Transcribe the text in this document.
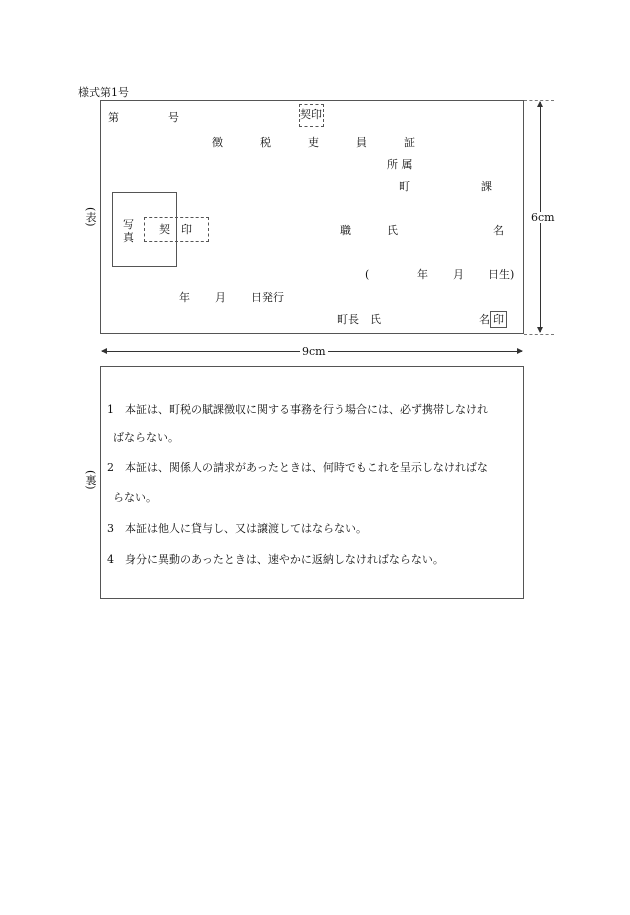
様式第1号
(表)
第	号	契印
徴	税	吏	員	証
所 属
町	課
写
真
契　印	職	氏	名
(	年 月 日生)
年 月 日発行
町長　氏	名 印
6cm
9cm
(裏)
1 本証は、町税の賦課徴収に関する事務を行う場合には、必ず携帯しなけれ
ばならない。
2 本証は、関係人の請求があったときは、何時でもこれを呈示しなければな
らない。
3 本証は他人に貸与し、又は譲渡してはならない。
4 身分に異動のあったときは、速やかに返納しなければならない。
